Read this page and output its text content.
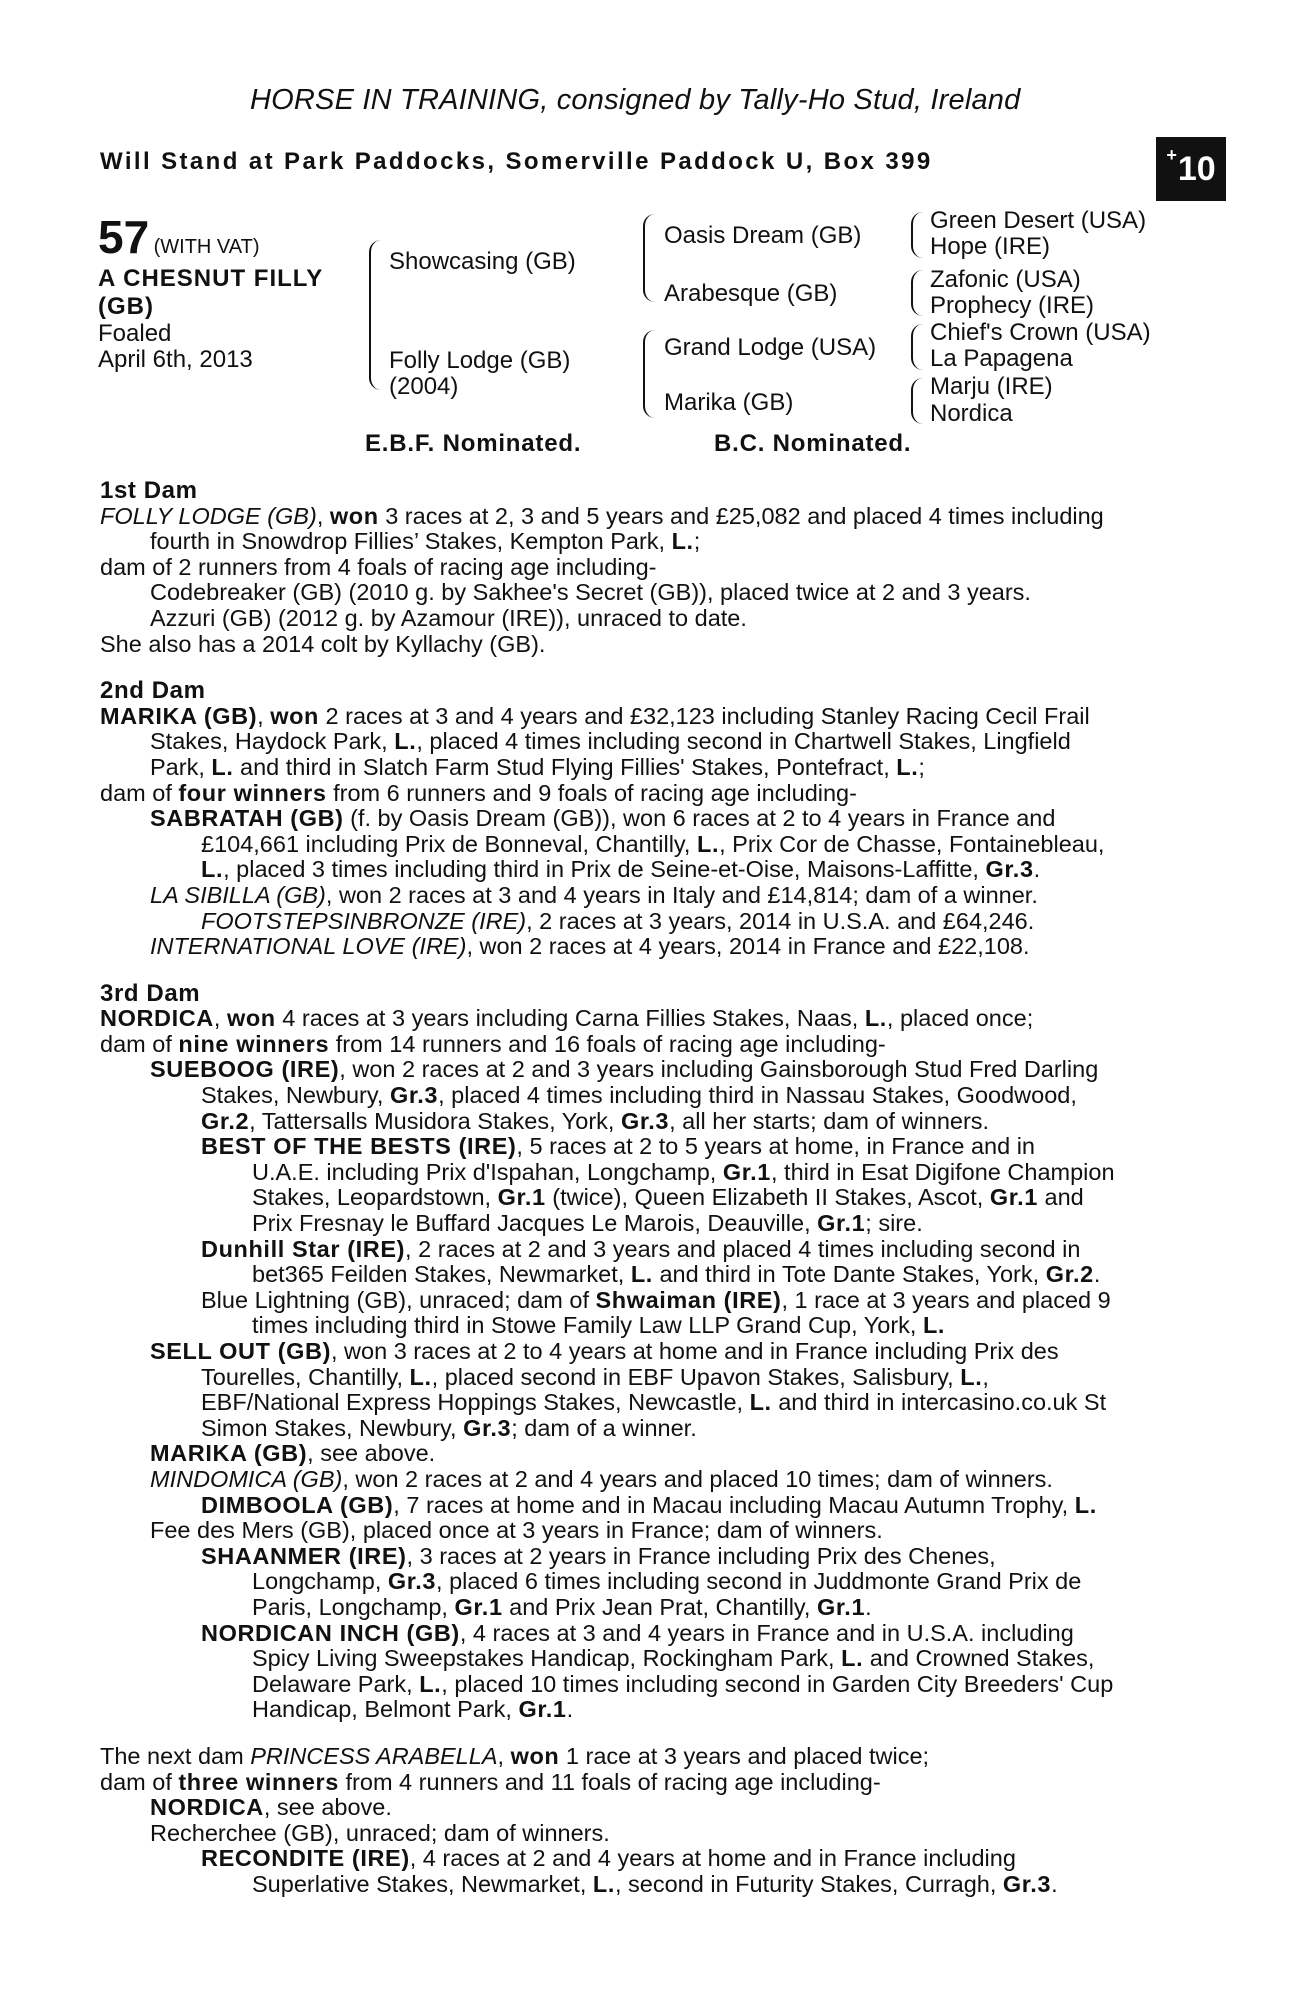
HORSE IN TRAINING, consigned by Tally-Ho Stud, Ireland
Will Stand at Park Paddocks, Somerville Paddock U, Box 399	+ 10
57 (WITH VAT)
A CHESNUT FILLY
(GB)
Foaled
April 6th, 2013
Showcasing (GB)
Folly Lodge (GB)
(2004)
Oasis Dream (GB)
Arabesque (GB)
Grand Lodge (USA)
Marika (GB)
Green Desert (USA)
Hope (IRE)
Zafonic (USA)
Prophecy (IRE)
Chief's Crown (USA)
La Papagena
Marju (IRE)
Nordica
E.B.F. Nominated.	B.C. Nominated.
1st Dam
FOLLY LODGE (GB), won 3 races at 2, 3 and 5 years and £25,082 and placed 4 times including
fourth in Snowdrop Fillies’ Stakes, Kempton Park, L.;
dam of 2 runners from 4 foals of racing age including-
Codebreaker (GB) (2010 g. by Sakhee's Secret (GB)), placed twice at 2 and 3 years.
Azzuri (GB) (2012 g. by Azamour (IRE)), unraced to date.
She also has a 2014 colt by Kyllachy (GB).
2nd Dam
MARIKA (GB), won 2 races at 3 and 4 years and £32,123 including Stanley Racing Cecil Frail
Stakes, Haydock Park, L., placed 4 times including second in Chartwell Stakes, Lingfield
Park, L. and third in Slatch Farm Stud Flying Fillies' Stakes, Pontefract, L.;
dam of four winners from 6 runners and 9 foals of racing age including-
SABRATAH (GB) (f. by Oasis Dream (GB)), won 6 races at 2 to 4 years in France and
£104,661 including Prix de Bonneval, Chantilly, L., Prix Cor de Chasse, Fontainebleau,
L., placed 3 times including third in Prix de Seine-et-Oise, Maisons-Laffitte, Gr.3.
LA SIBILLA (GB), won 2 races at 3 and 4 years in Italy and £14,814; dam of a winner.
FOOTSTEPSINBRONZE (IRE), 2 races at 3 years, 2014 in U.S.A. and £64,246.
INTERNATIONAL LOVE (IRE), won 2 races at 4 years, 2014 in France and £22,108.
3rd Dam
NORDICA, won 4 races at 3 years including Carna Fillies Stakes, Naas, L., placed once;
dam of nine winners from 14 runners and 16 foals of racing age including-
SUEBOOG (IRE), won 2 races at 2 and 3 years including Gainsborough Stud Fred Darling
Stakes, Newbury, Gr.3, placed 4 times including third in Nassau Stakes, Goodwood,
Gr.2, Tattersalls Musidora Stakes, York, Gr.3, all her starts; dam of winners.
BEST OF THE BESTS (IRE), 5 races at 2 to 5 years at home, in France and in
U.A.E. including Prix d'Ispahan, Longchamp, Gr.1, third in Esat Digifone Champion
Stakes, Leopardstown, Gr.1 (twice), Queen Elizabeth II Stakes, Ascot, Gr.1 and
Prix Fresnay le Buffard Jacques Le Marois, Deauville, Gr.1; sire.
Dunhill Star (IRE), 2 races at 2 and 3 years and placed 4 times including second in
bet365 Feilden Stakes, Newmarket, L. and third in Tote Dante Stakes, York, Gr.2.
Blue Lightning (GB), unraced; dam of Shwaiman (IRE), 1 race at 3 years and placed 9
times including third in Stowe Family Law LLP Grand Cup, York, L.
SELL OUT (GB), won 3 races at 2 to 4 years at home and in France including Prix des
Tourelles, Chantilly, L., placed second in EBF Upavon Stakes, Salisbury, L.,
EBF/National Express Hoppings Stakes, Newcastle, L. and third in intercasino.co.uk St
Simon Stakes, Newbury, Gr.3; dam of a winner.
MARIKA (GB), see above.
MINDOMICA (GB), won 2 races at 2 and 4 years and placed 10 times; dam of winners.
DIMBOOLA (GB), 7 races at home and in Macau including Macau Autumn Trophy, L.
Fee des Mers (GB), placed once at 3 years in France; dam of winners.
SHAANMER (IRE), 3 races at 2 years in France including Prix des Chenes,
Longchamp, Gr.3, placed 6 times including second in Juddmonte Grand Prix de
Paris, Longchamp, Gr.1 and Prix Jean Prat, Chantilly, Gr.1.
NORDICAN INCH (GB), 4 races at 3 and 4 years in France and in U.S.A. including
Spicy Living Sweepstakes Handicap, Rockingham Park, L. and Crowned Stakes,
Delaware Park, L., placed 10 times including second in Garden City Breeders' Cup
Handicap, Belmont Park, Gr.1.
The next dam PRINCESS ARABELLA, won 1 race at 3 years and placed twice;
dam of three winners from 4 runners and 11 foals of racing age including-
NORDICA, see above.
Recherchee (GB), unraced; dam of winners.
RECONDITE (IRE), 4 races at 2 and 4 years at home and in France including
Superlative Stakes, Newmarket, L., second in Futurity Stakes, Curragh, Gr.3.
